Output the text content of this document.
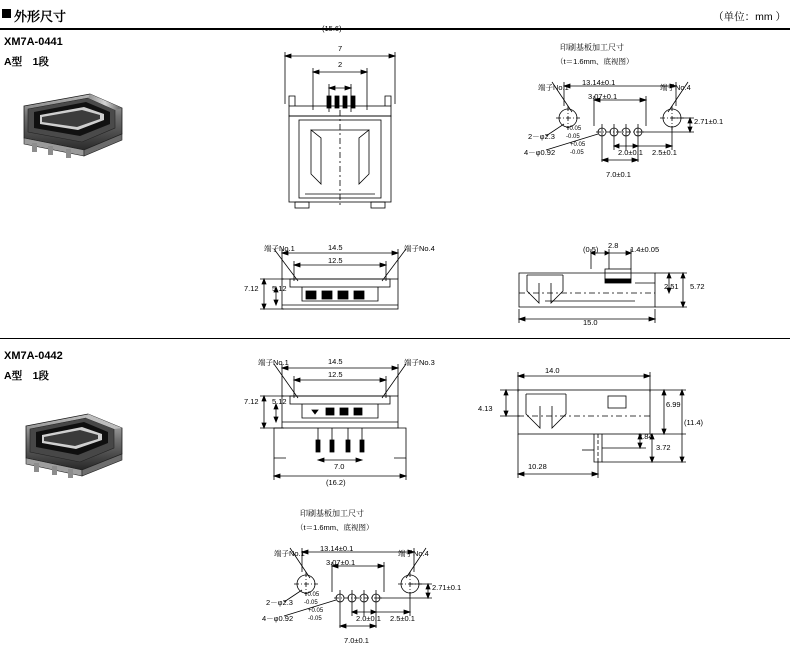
外形尺寸	（单位：mm ）
XM7A-0441
A型　1段
(15.6)
7
2
印刷基板加工尺寸
（t＝1.6mm、底视图）
端子No.1	端子No.4
13.14±0.1
3.07±0.1
2.71±0.1
2.0±0.1 2.5±0.1
7.0±0.1
2－φ2.3
+0.05
-0.05
4－φ0.92
+0.05
-0.05
端子No.1	端子No.4
14.5
12.5
7.12 5.12
(0.5) 2.8 1.4±0.05
15.0
2.51 5.72
XM7A-0442
A型　1段
端子No.1	端子No.3
14.5
12.5
7.12 5.12
7.0
(16.2)
14.0
6.99
(11.4)
4.13
2.84
3.72
10.28
印刷基板加工尺寸
（t＝1.6mm、底视图）
端子No.1	端子No.4
13.14±0.1
3.07±0.1
2.71±0.1
2.0±0.1 2.5±0.1
7.0±0.1
2－φ2.3
+0.05
-0.05
4－φ0.92
+0.05
-0.05
